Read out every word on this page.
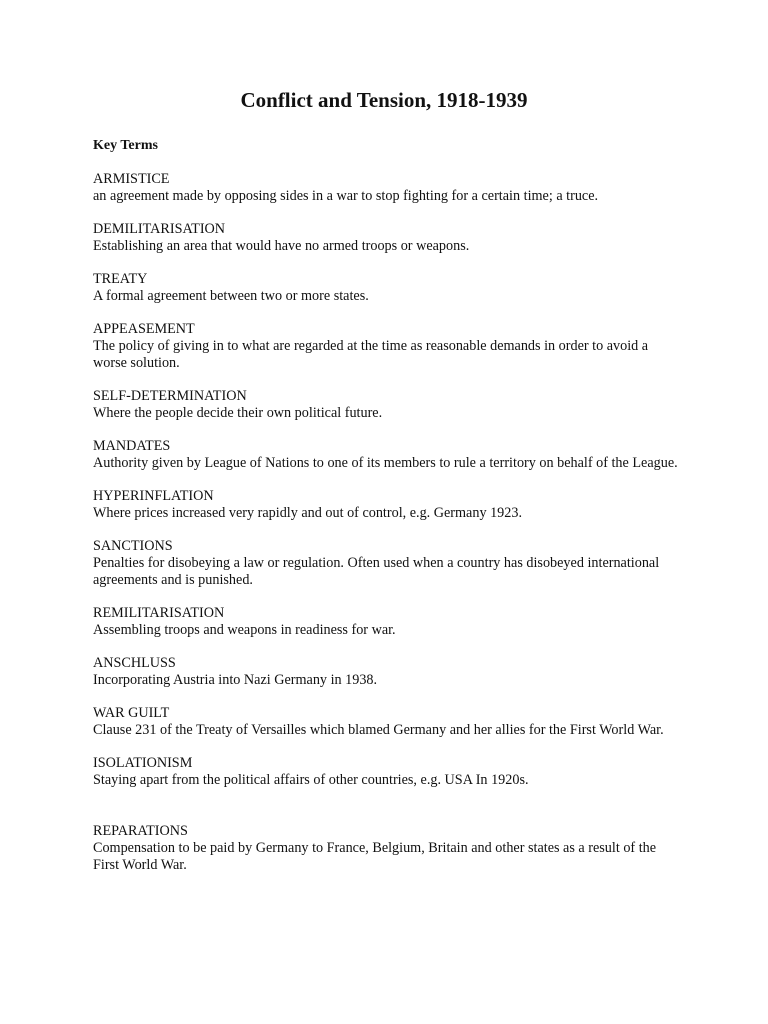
Conflict and Tension, 1918-1939
Key Terms
ARMISTICE
an agreement made by opposing sides in a war to stop fighting for a certain time; a truce.
DEMILITARISATION
Establishing an area that would have no armed troops or weapons.
TREATY
A formal agreement between two or more states.
APPEASEMENT
The policy of giving in to what are regarded at the time as reasonable demands in order to avoid a worse solution.
SELF-DETERMINATION
Where the people decide their own political future.
MANDATES
Authority given by League of Nations to one of its members to rule a territory on behalf of the League.
HYPERINFLATION
Where prices increased very rapidly and out of control, e.g. Germany 1923.
SANCTIONS
Penalties for disobeying a law or regulation. Often used when a country has disobeyed international agreements and is punished.
REMILITARISATION
Assembling troops and weapons in readiness for war.
ANSCHLUSS
Incorporating Austria into Nazi Germany in 1938.
WAR GUILT
Clause 231 of the Treaty of Versailles which blamed Germany and her allies for the First World War.
ISOLATIONISM
Staying apart from the political affairs of other countries, e.g. USA In 1920s.
REPARATIONS
Compensation to be paid by Germany to France, Belgium, Britain and other states as a result of the First World War.
